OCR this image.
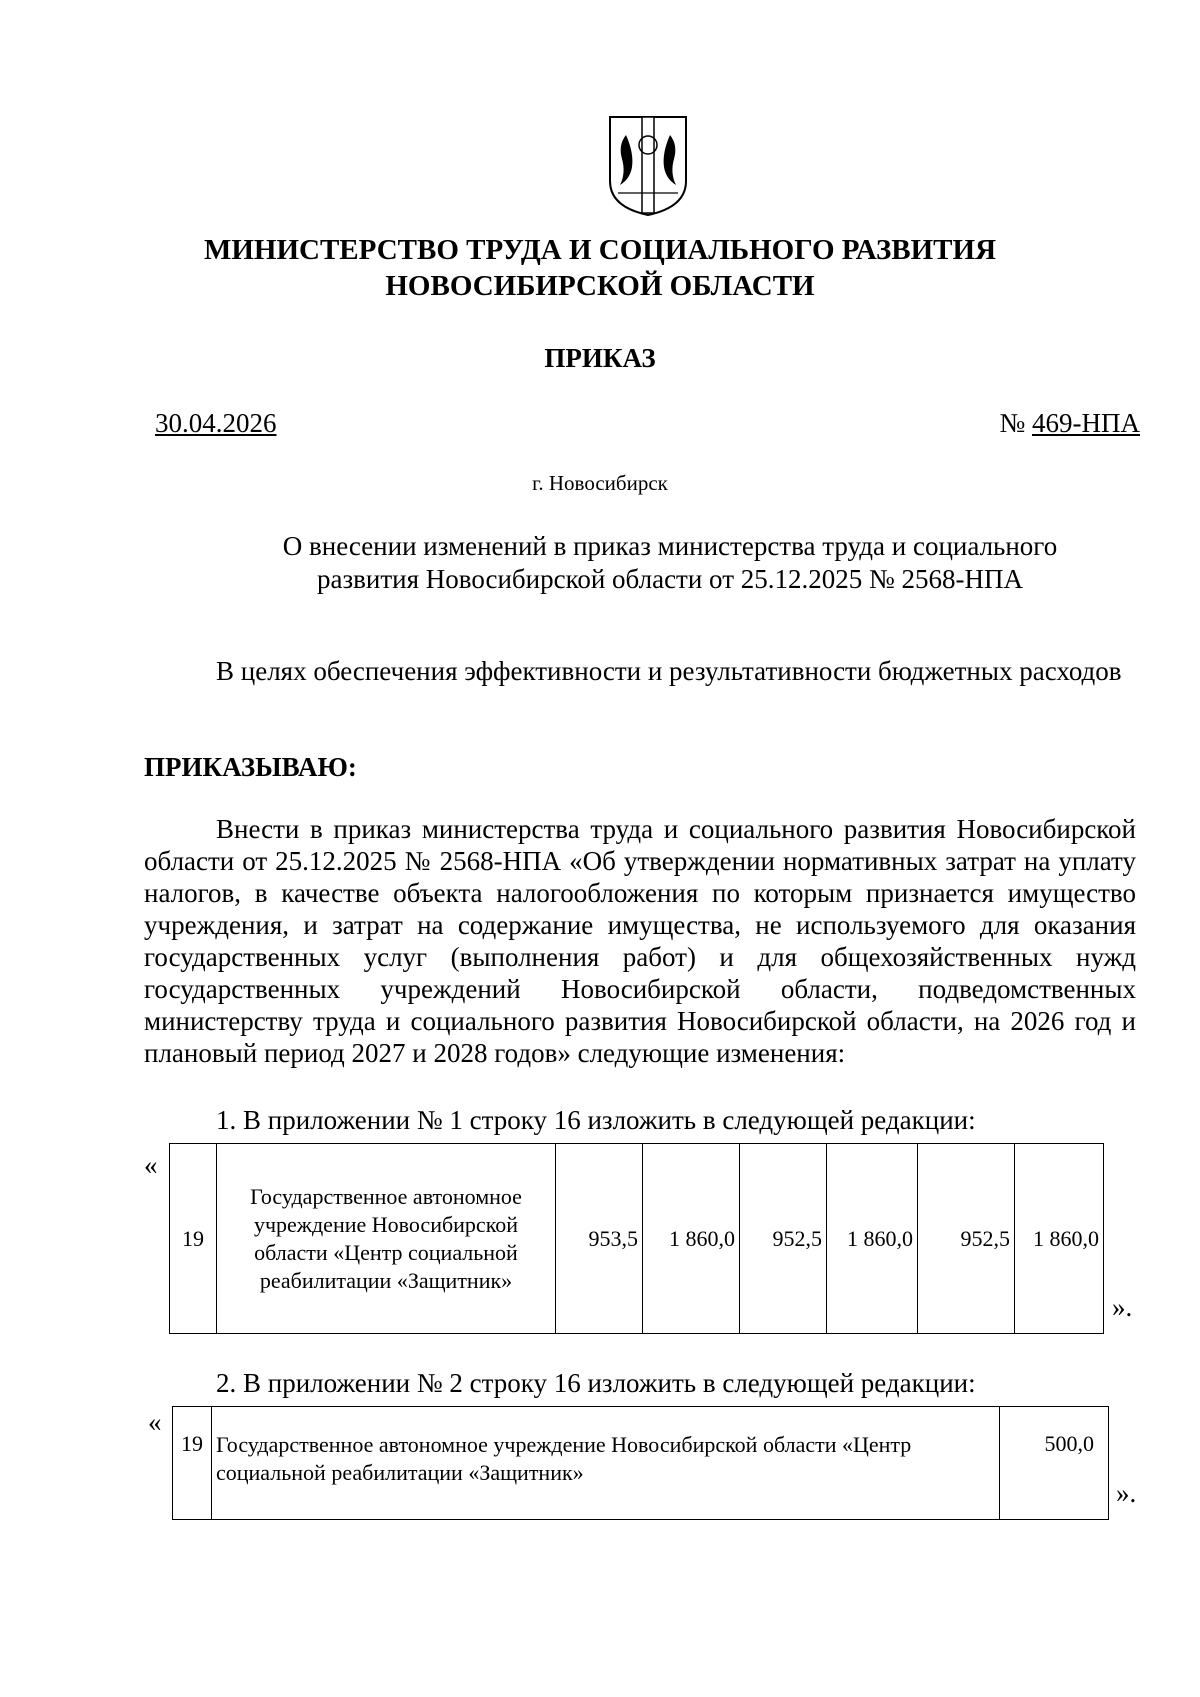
МИНИСТЕРСТВО ТРУДА И СОЦИАЛЬНОГО РАЗВИТИЯ
НОВОСИБИРСКОЙ ОБЛАСТИ
ПРИКАЗ
30.04.2026	№ 469-НПА
г. Новосибирск
О внесении изменений в приказ министерства труда и социального развития Новосибирской области от 25.12.2025 № 2568-НПА
В целях обеспечения эффективности и результативности бюджетных расходов
ПРИКАЗЫВАЮ:
Внести в приказ министерства труда и социального развития Новосибирской области от 25.12.2025 № 2568-НПА «Об утверждении нормативных затрат на уплату налогов, в качестве объекта налогообложения по которым признается имущество учреждения, и затрат на содержание имущества, не используемого для оказания государственных услуг (выполнения работ) и для общехозяйственных нужд государственных учреждений Новосибирской области, подведомственных министерству труда и социального развития Новосибирской области, на 2026 год и плановый период 2027 и 2028 годов» следующие изменения:
1. В приложении № 1 строку 16 изложить в следующей редакции:
«
19	Государственное автономное учреждение Новосибирской области «Центр социальной реабилитации «Защитник»	953,5	1 860,0	952,5	1 860,0	952,5	1 860,0
».
2. В приложении № 2 строку 16 изложить в следующей редакции:
«
19	Государственное автономное учреждение Новосибирской области «Центр социальной реабилитации «Защитник»	500,0
».
